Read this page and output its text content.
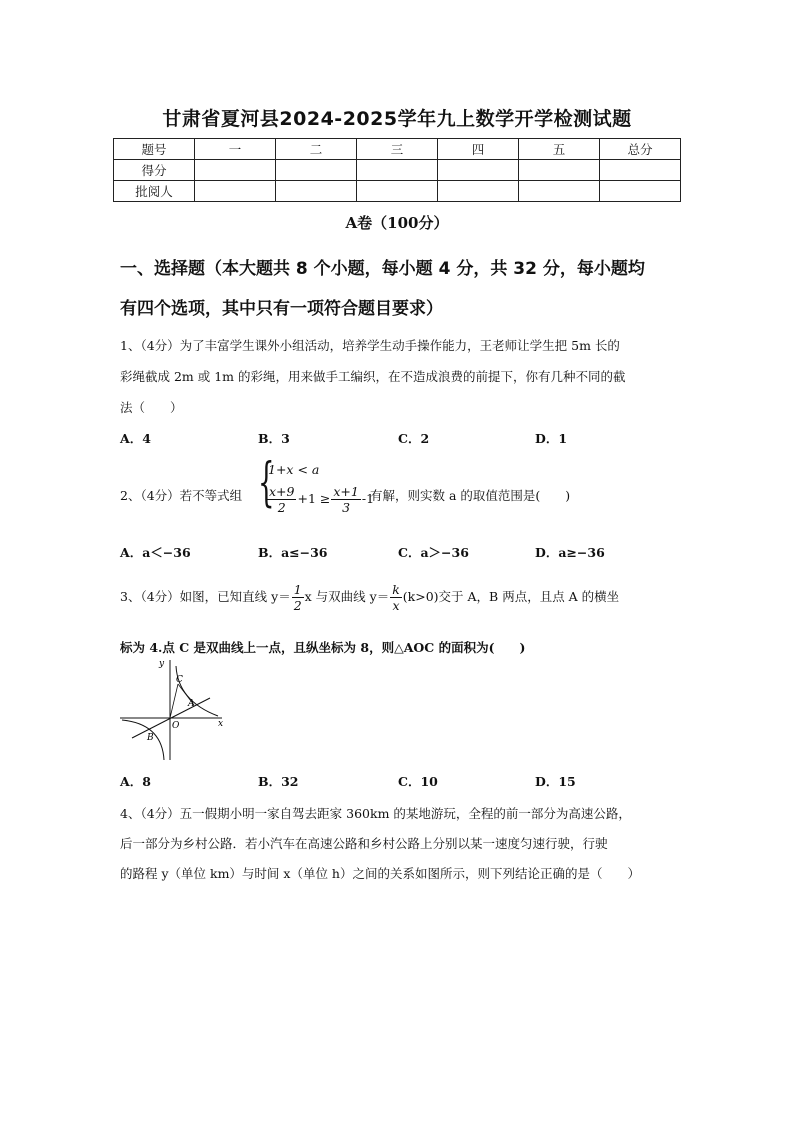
甘肃省夏河县2024-2025学年九上数学开学检测试题
题号	一	二	三	四	五	总分
得分						
批阅人						
A卷（100分）
一、选择题（本大题共 8 个小题，每小题 4 分，共 32 分，每小题均
有四个选项，其中只有一项符合题目要求）
1、（4分）为了丰富学生课外小组活动，培养学生动手操作能力，王老师让学生把 5m 长的
彩绳截成 2m 或 1m 的彩绳，用来做手工编织，在不造成浪费的前提下，你有几种不同的截
法（　　）
A．4	B．3	C．2	D．1
2、（4分）若不等式组 {
1+x < a
$\frac{x+9}{2} +1 \ge \frac{x+1}{3} -1$
有解，则实数 a 的取值范围是(　　)
A．a＜−36	B．a≤−36	C．a＞−36	D．a≥−36
3、（4分）如图，已知直线 $y= \frac{1}{2}$ x 与双曲线 $y= \frac{k}{x} (k>0)$交于 A，B 两点，且点 A 的横坐
标为 4.点 C 是双曲线上一点，且纵坐标为 8，则△AOC 的面积为(　　)
y
x
O
A
B
C
A．8	B．32	C．10	D．15
4、（4分）五一假期小明一家自驾去距家 360km 的某地游玩，全程的前一部分为高速公路，
后一部分为乡村公路．若小汽车在高速公路和乡村公路上分别以某一速度匀速行驶，行驶
的路程 y（单位 km）与时间 x（单位 h）之间的关系如图所示，则下列结论正确的是（　　）
